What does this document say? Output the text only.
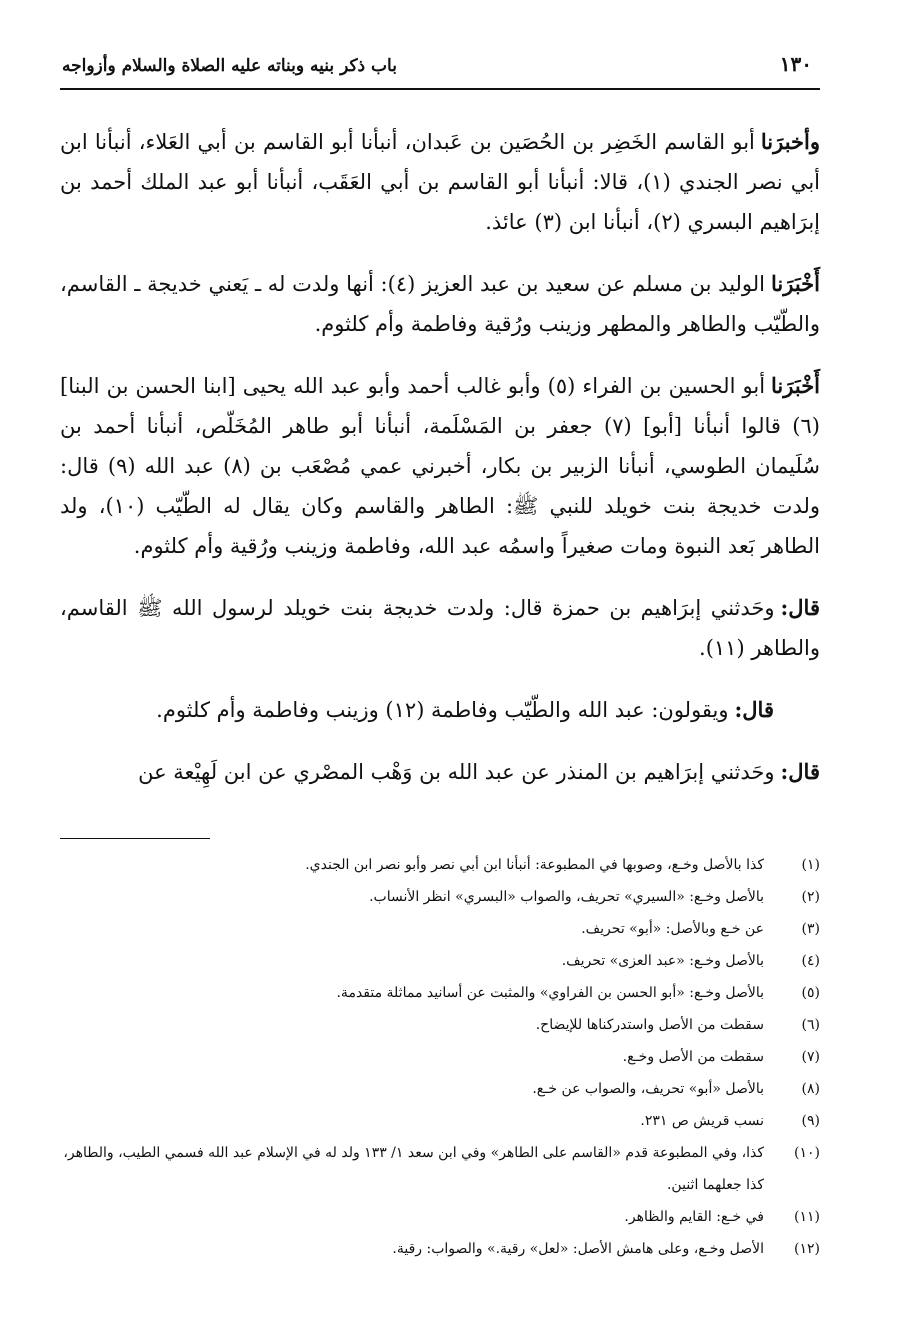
١٣٠
باب ذكر بنيه وبناته عليه الصلاة والسلام وأزواجه

وأخبرَناأبو القاسم الخَضِر بن الحُصَين بن عَبدان، أنبأنا أبو القاسم بن أبي العَلاء، أنبأنا ابن أبي نصر الجندي (١)، قالا: أنبأنا أبو القاسم بن أبي العَقَب، أنبأنا أبو عبد الملك أحمد بن إبرَاهيم البسري (٢)، أنبأنا ابن (٣) عائذ.

أَخْبَرَناالوليد بن مسلم عن سعيد بن عبد العزيز (٤): أنها ولدت له ـ يَعني خديجة ـ القاسم، والطّيّب والطاهر والمطهر وزينب ورُقية وفاطمة وأم كلثوم.

أَخْبَرَناأبو الحسين بن الفراء (٥) وأبو غالب أحمد وأبو عبد الله يحيى [ابنا الحسن بن البنا] (٦) قالوا أنبأنا [أبو] (٧) جعفر بن المَسْلَمة، أنبأنا أبو طاهر المُخَلّص، أنبأنا أحمد بن سُلَيمان الطوسي، أنبأنا الزبير بن بكار، أخبرني عمي مُصْعَب بن (٨) عبد الله (٩) قال: ولدت خديجة بنت خويلد للنبي ﷺ: الطاهر والقاسم وكان يقال له الطّيّب (١٠)، ولد الطاهر بَعد النبوة ومات صغيراً واسمُه عبد الله، وفاطمة وزينب ورُقية وأم كلثوم.

قال:وحَدثني إبرَاهيم بن حمزة قال: ولدت خديجة بنت خويلد لرسول الله ﷺ القاسم، والطاهر (١١).

قال:ويقولون: عبد الله والطّيّب وفاطمة (١٢) وزينب وفاطمة وأم كلثوم.

قال:وحَدثني إبرَاهيم بن المنذر عن عبد الله بن وَهْب المصْري عن ابن لَهِيْعة عن

(١)
كذا بالأصل وخـع، وصوبها في المطبوعة: أنبأنا ابن أبي نصر وأبو نصر ابن الجندي.
(٢)
بالأصل وخـع: «السيري» تحريف، والصواب «البسري» انظر الأنساب.
(٣)
عن خـع وبالأصل: «أبو» تحريف.
(٤)
بالأصل وخـع: «عبد العزى» تحريف.
(٥)
بالأصل وخـع: «أبو الحسن بن الفراوي» والمثبت عن أسانيد مماثلة متقدمة.
(٦)
سقطت من الأصل واستدركناها للإيضاح.
(٧)
سقطت من الأصل وخـع.
(٨)
بالأصل «أبو» تحريف، والصواب عن خـع.
(٩)
نسب قريش ص ٢٣١.
(١٠)
كذا، وفي المطبوعة قدم «القاسم على الطاهر» وفي ابن سعد ١/ ١٣٣ ولد له في الإسلام عبد الله فسمي الطيب، والطاهر، كذا جعلهما اثنين.
(١١)
في خـع: القايم والظاهر.
(١٢)
الأصل وخـع، وعلى هامش الأصل: «لعل» رقية.» والصواب: رقية.
